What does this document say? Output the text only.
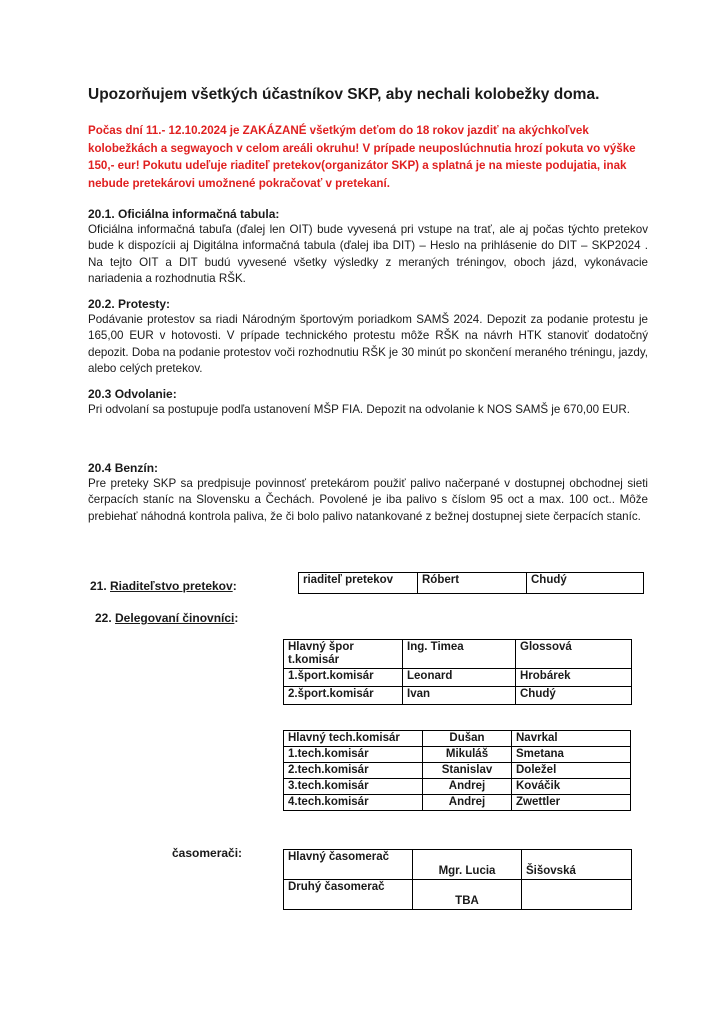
Upozorňujem všetkých účastníkov SKP, aby nechali kolobežky doma.
Počas dní 11.- 12.10.2024 je ZAKÁZANÉ všetkým deťom do 18 rokov jazdiť na akýchkoľvek kolobežkách a segwayoch v celom areáli okruhu! V prípade neuposlúchnutia hrozí pokuta vo výške 150,- eur! Pokutu udeľuje riaditeľ pretekov(organizátor SKP) a splatná je na mieste podujatia, inak nebude pretekárovi umožnené pokračovať v pretekaní.
20.1. Oficiálna informačná tabula:
Oficiálna informačná tabuľa (ďalej len OIT) bude vyvesená pri vstupe na trať, ale aj počas týchto pretekov bude k dispozícii aj Digitálna informačná tabula (ďalej iba DIT) – Heslo na prihlásenie do DIT – SKP2024 . Na tejto OIT a DIT budú vyvesené všetky výsledky z meraných tréningov, oboch jázd, vykonávacie nariadenia a rozhodnutia RŠK.
20.2. Protesty:
Podávanie protestov sa riadi Národným športovým poriadkom SAMŠ 2024. Depozit za podanie protestu je 165,00 EUR v hotovosti. V prípade technického protestu môže RŠK na návrh HTK stanoviť dodatočný depozit. Doba na podanie protestov voči rozhodnutiu RŠK je 30 minút po skončení meraného tréningu, jazdy, alebo celých pretekov.
20.3 Odvolanie:
Pri odvolaní sa postupuje podľa ustanovení MŠP FIA. Depozit na odvolanie k NOS SAMŠ je 670,00 EUR.
20.4 Benzín:
Pre preteky SKP sa predpisuje povinnosť pretekárom použiť palivo načerpané v dostupnej obchodnej sieti čerpacích staníc na Slovensku a Čechách. Povolené je iba palivo s číslom 95 oct a max. 100 oct.. Môže prebiehať náhodná kontrola paliva, že či bolo palivo natankované z bežnej dostupnej siete čerpacích staníc.
21. Riaditeľstvo pretekov:	riaditeľ pretekov	Róbert	Chudý
22. Delegovaní činovníci:
Hlavný špor t.komisár	Ing. Timea	Glossová
1.šport.komisár	Leonard	Hrobárek
2.šport.komisár	Ivan	Chudý
Hlavný tech.komisár	Dušan	Navrkal
1.tech.komisár	Mikuláš	Smetana
2.tech.komisár	Stanislav	Doležel
3.tech.komisár	Andrej	Kováčik
4.tech.komisár	Andrej	Zwettler
časomerači:	Hlavný časomerač	Mgr. Lucia	Šišovská
Druhý časomerač	TBA	
